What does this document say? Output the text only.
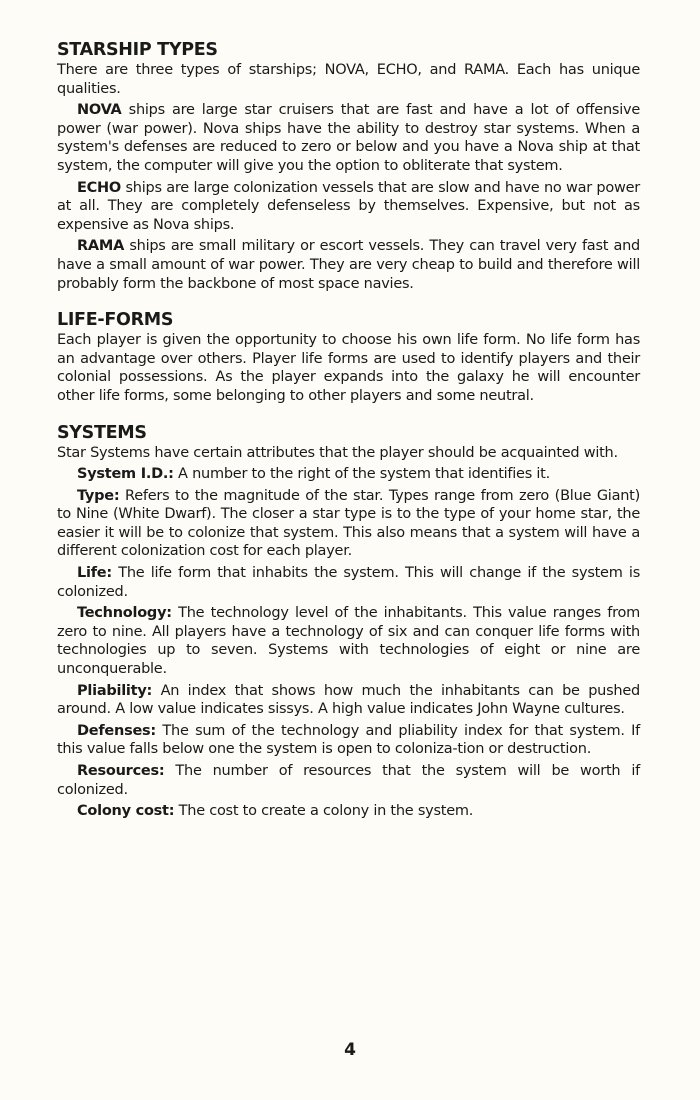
STARSHIP TYPES

There are three types of starships; NOVA, ECHO, and RAMA. Each has unique qualities.

NOVA ships are large star cruisers that are fast and have a lot of offensive power (war power). Nova ships have the ability to destroy star systems. When a system's defenses are reduced to zero or below and you have a Nova ship at that system, the computer will give you the option to obliterate that system.

ECHO ships are large colonization vessels that are slow and have no war power at all. They are completely defenseless by themselves. Expensive, but not as expensive as Nova ships.

RAMA ships are small military or escort vessels. They can travel very fast and have a small amount of war power. They are very cheap to build and therefore will probably form the backbone of most space navies.

LIFE-FORMS

Each player is given the opportunity to choose his own life form. No life form has an advantage over others. Player life forms are used to identify players and their colonial possessions. As the player expands into the galaxy he will encounter other life forms, some belonging to other players and some neutral.

SYSTEMS

Star Systems have certain attributes that the player should be acquainted with.

System I.D.: A number to the right of the system that identifies it.

Type: Refers to the magnitude of the star. Types range from zero (Blue Giant) to Nine (White Dwarf). The closer a star type is to the type of your home star, the easier it will be to colonize that system. This also means that a system will have a different colonization cost for each player.

Life: The life form that inhabits the system. This will change if the system is colonized.

Technology: The technology level of the inhabitants. This value ranges from zero to nine. All players have a technology of six and can conquer life forms with technologies up to seven. Systems with technologies of eight or nine are unconquerable.

Pliability: An index that shows how much the inhabitants can be pushed around. A low value indicates sissys. A high value indicates John Wayne cultures.

Defenses: The sum of the technology and pliability index for that system. If this value falls below one the system is open to coloniza-tion or destruction.

Resources: The number of resources that the system will be worth if colonized.

Colony cost: The cost to create a colony in the system.

4
